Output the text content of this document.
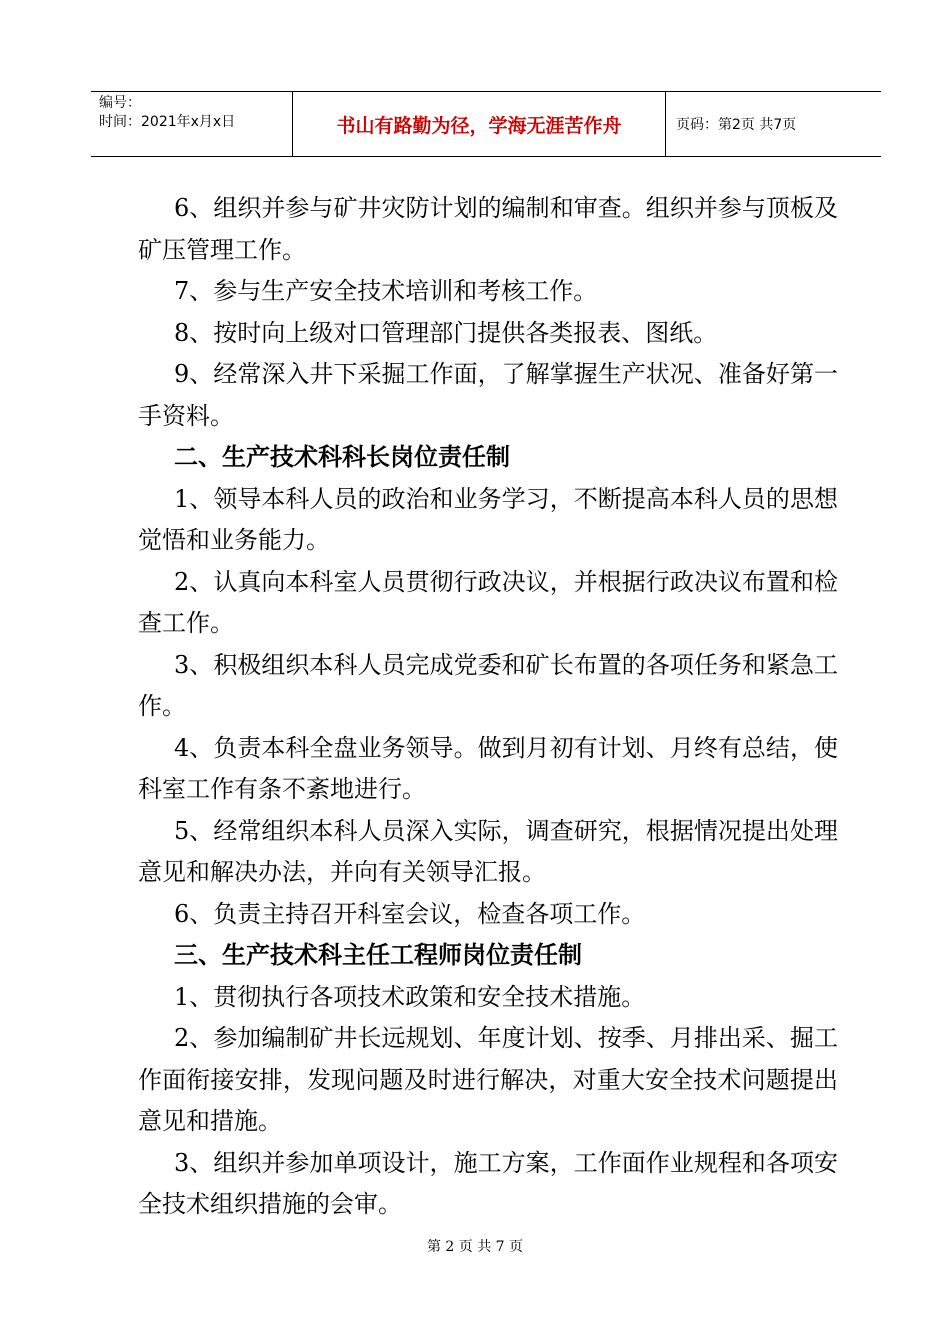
编号：
时间：2021年x月x日	书山有路勤为径，学海无涯苦作舟	页码：第2页 共7页

6、组织并参与矿井灾防计划的编制和审查。组织并参与顶板及矿压管理工作。

7、参与生产安全技术培训和考核工作。

8、按时向上级对口管理部门提供各类报表、图纸。

9、经常深入井下采掘工作面，了解掌握生产状况、准备好第一手资料。

二、生产技术科科长岗位责任制

1、领导本科人员的政治和业务学习，不断提高本科人员的思想觉悟和业务能力。

2、认真向本科室人员贯彻行政决议，并根据行政决议布置和检查工作。

3、积极组织本科人员完成党委和矿长布置的各项任务和紧急工作。

4、负责本科全盘业务领导。做到月初有计划、月终有总结，使科室工作有条不紊地进行。

5、经常组织本科人员深入实际，调查研究，根据情况提出处理意见和解决办法，并向有关领导汇报。

6、负责主持召开科室会议，检查各项工作。

三、生产技术科主任工程师岗位责任制

1、贯彻执行各项技术政策和安全技术措施。

2、参加编制矿井长远规划、年度计划、按季、月排出采、掘工作面衔接安排，发现问题及时进行解决，对重大安全技术问题提出意见和措施。

3、组织并参加单项设计，施工方案，工作面作业规程和各项安全技术组织措施的会审。

第 2 页 共 7 页
